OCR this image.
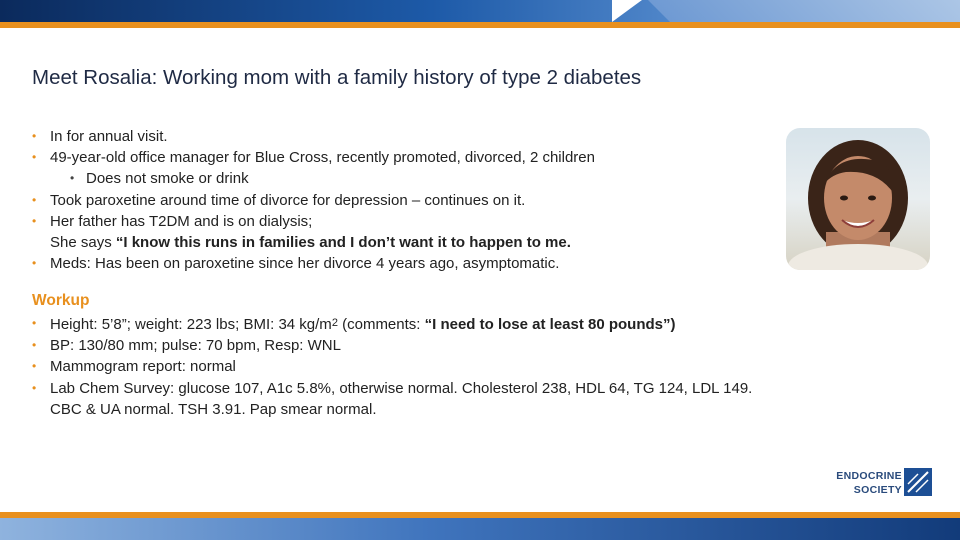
Meet Rosalia: Working mom with a family history of type 2 diabetes
• In for annual visit.
• 49-year-old office manager for Blue Cross, recently promoted, divorced, 2 children
• Does not smoke or drink
• Took paroxetine around time of divorce for depression – continues on it.
• Her father has T2DM and is on dialysis;
She says “I know this runs in families and I don’t want it to happen to me.
• Meds: Has been on paroxetine since her divorce 4 years ago, asymptomatic.
Workup
• Height: 5’8”; weight: 223 lbs; BMI: 34 $kg/m^2$ (comments: “I need to lose at least 80 pounds”)
• BP: 130/80 mm; pulse: 70 bpm, Resp: WNL
• Mammogram report: normal
• Lab Chem Survey: glucose 107, A1c 5.8%, otherwise normal. Cholesterol 238, HDL 64, TG 124, LDL 149.
CBC & UA normal. TSH 3.91. Pap smear normal.
ENDOCRINE
SOCIETY
